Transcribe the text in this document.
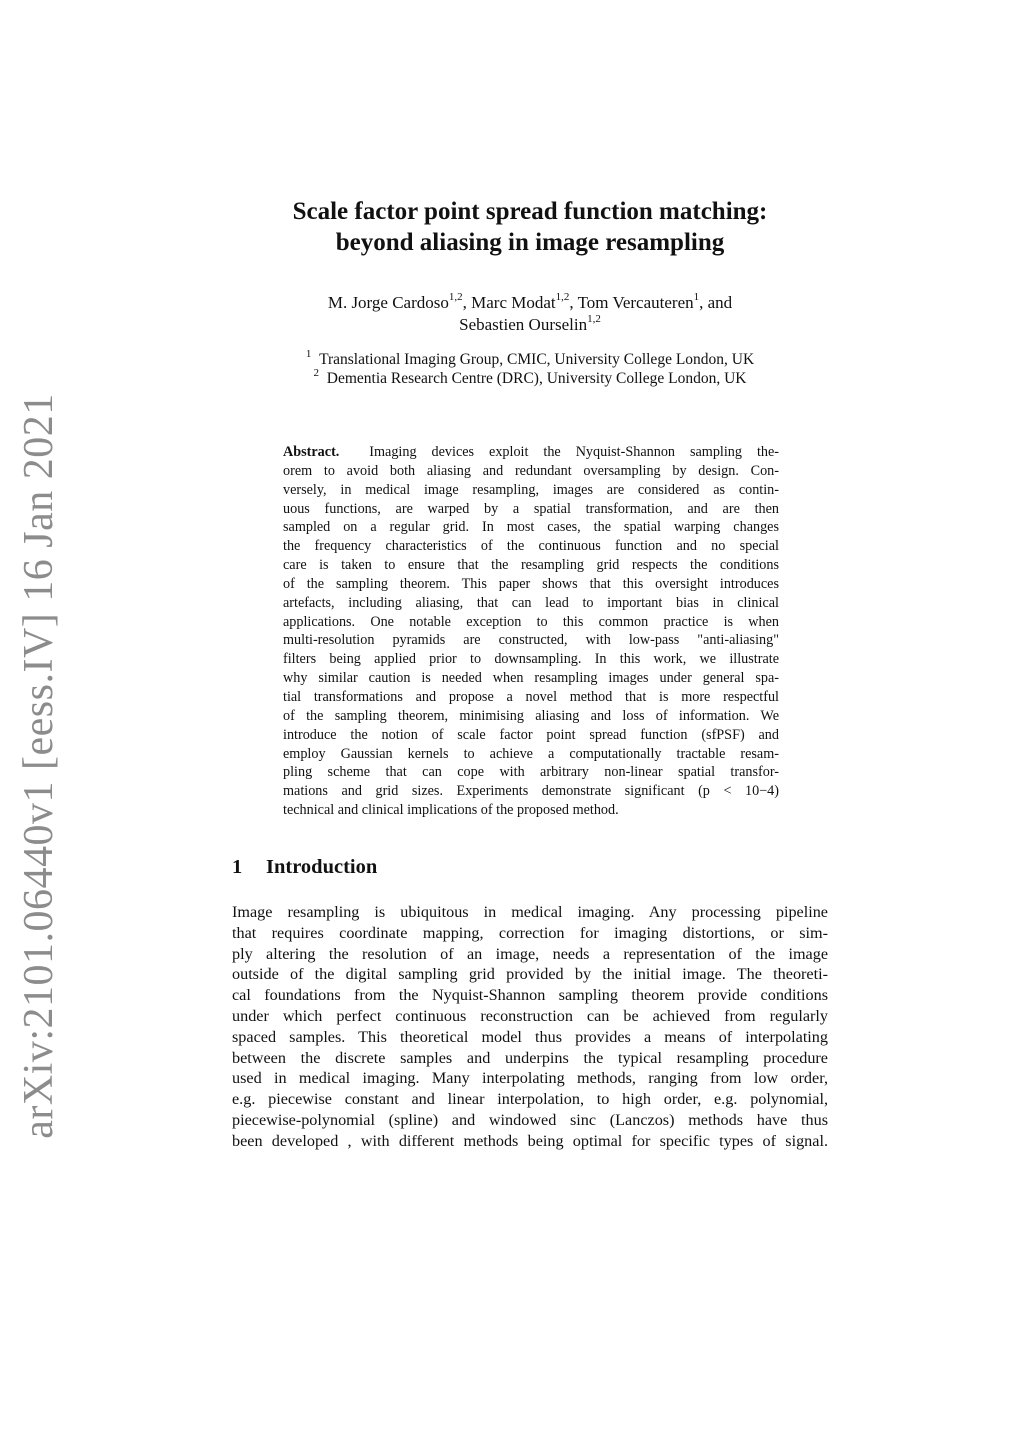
arXiv:2101.06440v1 [eess.IV] 16 Jan 2021
Scale factor point spread function matching:
beyond aliasing in image resampling
M. Jorge Cardoso$^{1,2}$, Marc Modat$^{1,2}$, Tom Vercauteren$^1$, and
Sebastien Ourselin$^{1,2}$
$^1$ Translational Imaging Group, CMIC, University College London, UK
$^2$ Dementia Research Centre (DRC), University College London, UK
Abstract. Imaging devices exploit the Nyquist-Shannon sampling the-
orem to avoid both aliasing and redundant oversampling by design. Con-
versely, in medical image resampling, images are considered as contin-
uous functions, are warped by a spatial transformation, and are then
sampled on a regular grid. In most cases, the spatial warping changes
the frequency characteristics of the continuous function and no special
care is taken to ensure that the resampling grid respects the conditions
of the sampling theorem. This paper shows that this oversight introduces
artefacts, including aliasing, that can lead to important bias in clinical
applications. One notable exception to this common practice is when
multi-resolution pyramids are constructed, with low-pass "anti-aliasing"
filters being applied prior to downsampling. In this work, we illustrate
why similar caution is needed when resampling images under general spa-
tial transformations and propose a novel method that is more respectful
of the sampling theorem, minimising aliasing and loss of information. We
introduce the notion of scale factor point spread function (sfPSF) and
employ Gaussian kernels to achieve a computationally tractable resam-
pling scheme that can cope with arbitrary non-linear spatial transfor-
mations and grid sizes. Experiments demonstrate significant (p < 10−4)
technical and clinical implications of the proposed method.
1 Introduction
Image resampling is ubiquitous in medical imaging. Any processing pipeline
that requires coordinate mapping, correction for imaging distortions, or sim-
ply altering the resolution of an image, needs a representation of the image
outside of the digital sampling grid provided by the initial image. The theoreti-
cal foundations from the Nyquist-Shannon sampling theorem provide conditions
under which perfect continuous reconstruction can be achieved from regularly
spaced samples. This theoretical model thus provides a means of interpolating
between the discrete samples and underpins the typical resampling procedure
used in medical imaging. Many interpolating methods, ranging from low order,
e.g. piecewise constant and linear interpolation, to high order, e.g. polynomial,
piecewise-polynomial (spline) and windowed sinc (Lanczos) methods have thus
been developed , with different methods being optimal for specific types of signal.
